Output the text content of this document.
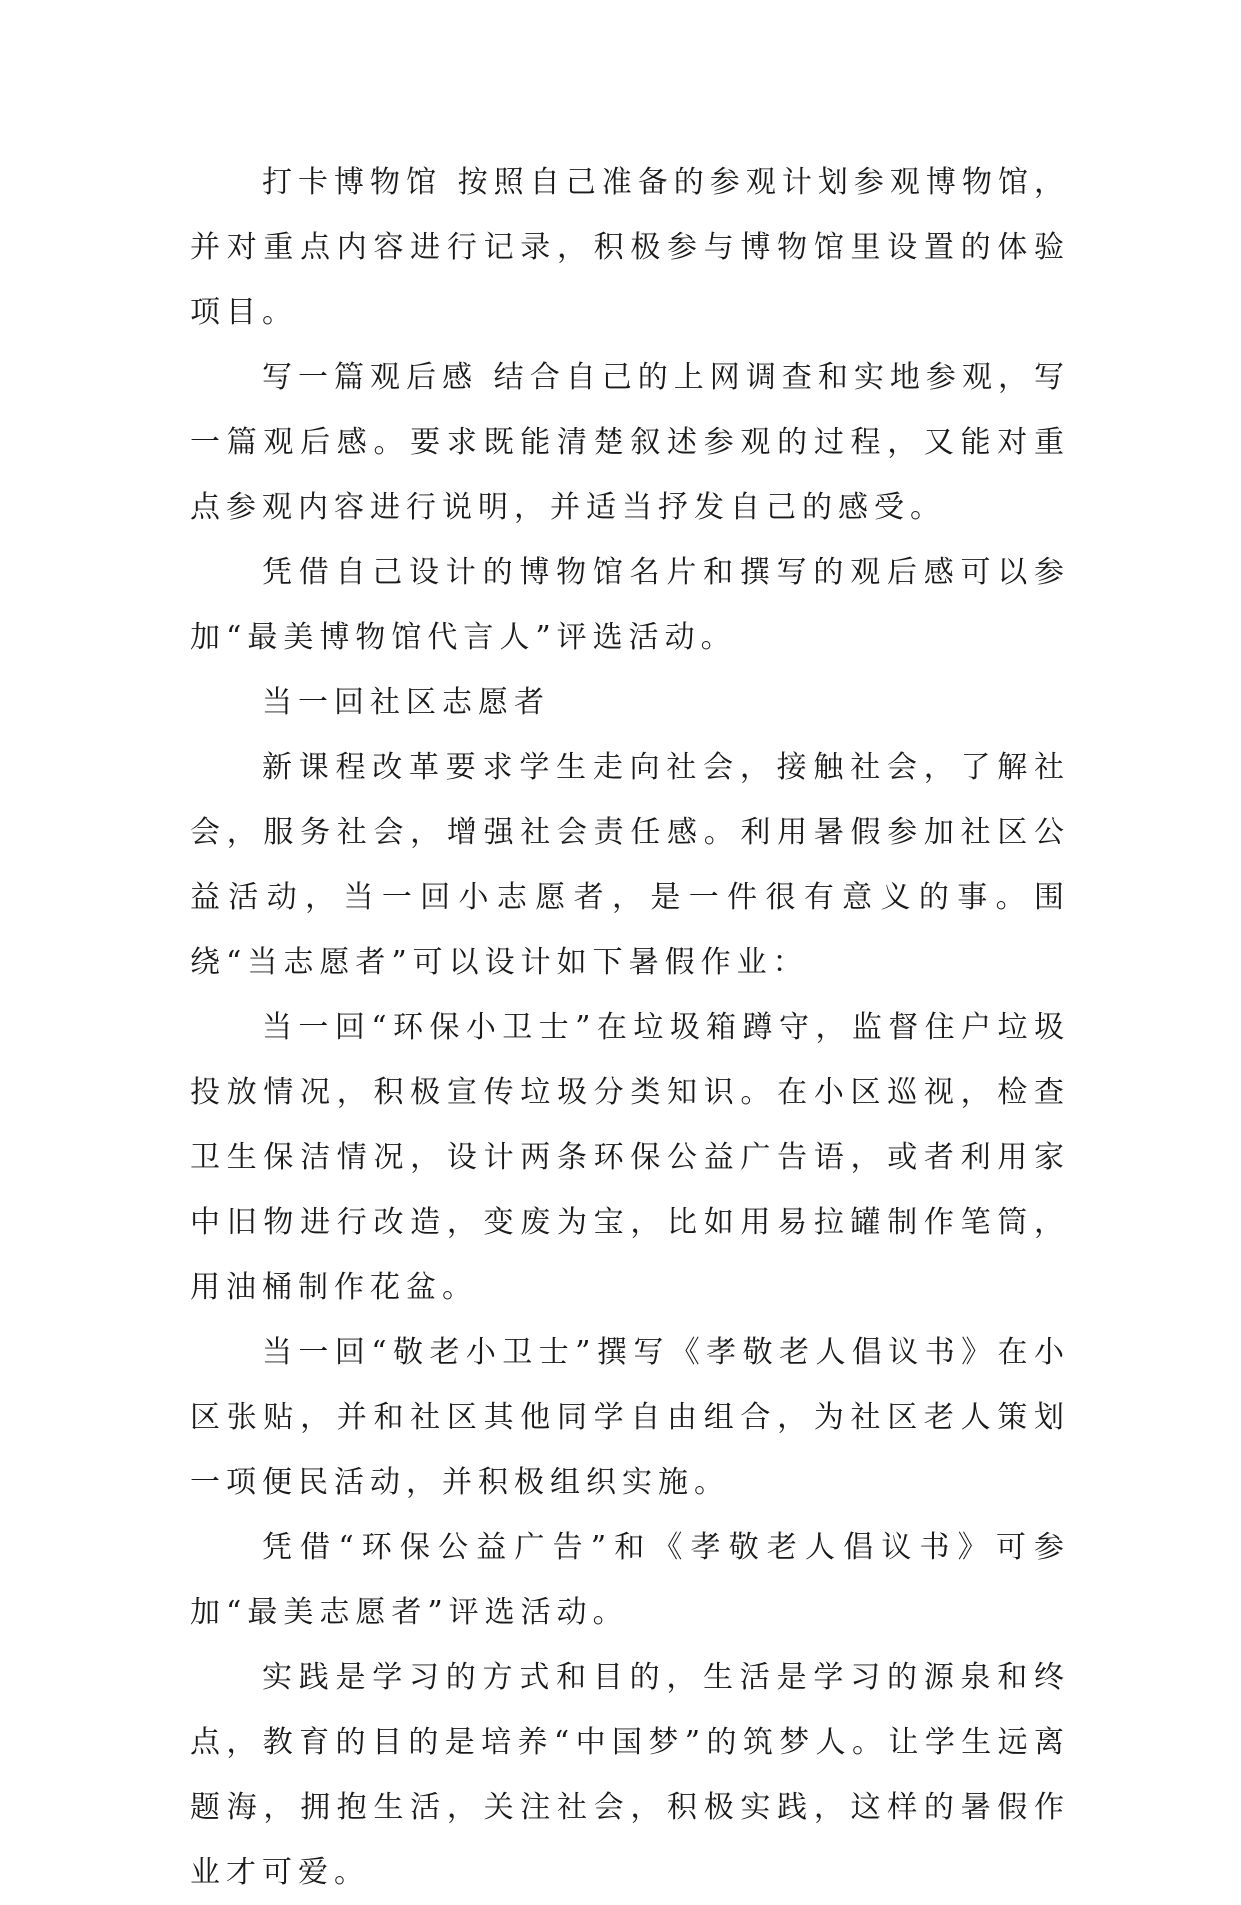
打卡博物馆 按照自己准备的参观计划参观博物馆，并对重点内容进行记录，积极参与博物馆里设置的体验项目。

写一篇观后感 结合自己的上网调查和实地参观，写一篇观后感。要求既能清楚叙述参观的过程，又能对重点参观内容进行说明，并适当抒发自己的感受。

凭借自己设计的博物馆名片和撰写的观后感可以参加“最美博物馆代言人”评选活动。

当一回社区志愿者

新课程改革要求学生走向社会，接触社会，了解社会，服务社会，增强社会责任感。利用暑假参加社区公益活动，当一回小志愿者，是一件很有意义的事。围绕“当志愿者”可以设计如下暑假作业：

当一回“环保小卫士”在垃圾箱蹲守，监督住户垃圾投放情况，积极宣传垃圾分类知识。在小区巡视，检查卫生保洁情况，设计两条环保公益广告语，或者利用家中旧物进行改造，变废为宝，比如用易拉罐制作笔筒，用油桶制作花盆。

当一回“敬老小卫士”撰写《孝敬老人倡议书》在小区张贴，并和社区其他同学自由组合，为社区老人策划一项便民活动，并积极组织实施。

凭借“环保公益广告”和《孝敬老人倡议书》可参加“最美志愿者”评选活动。

实践是学习的方式和目的，生活是学习的源泉和终点，教育的目的是培养“中国梦”的筑梦人。让学生远离题海，拥抱生活，关注社会，积极实践，这样的暑假作业才可爱。
